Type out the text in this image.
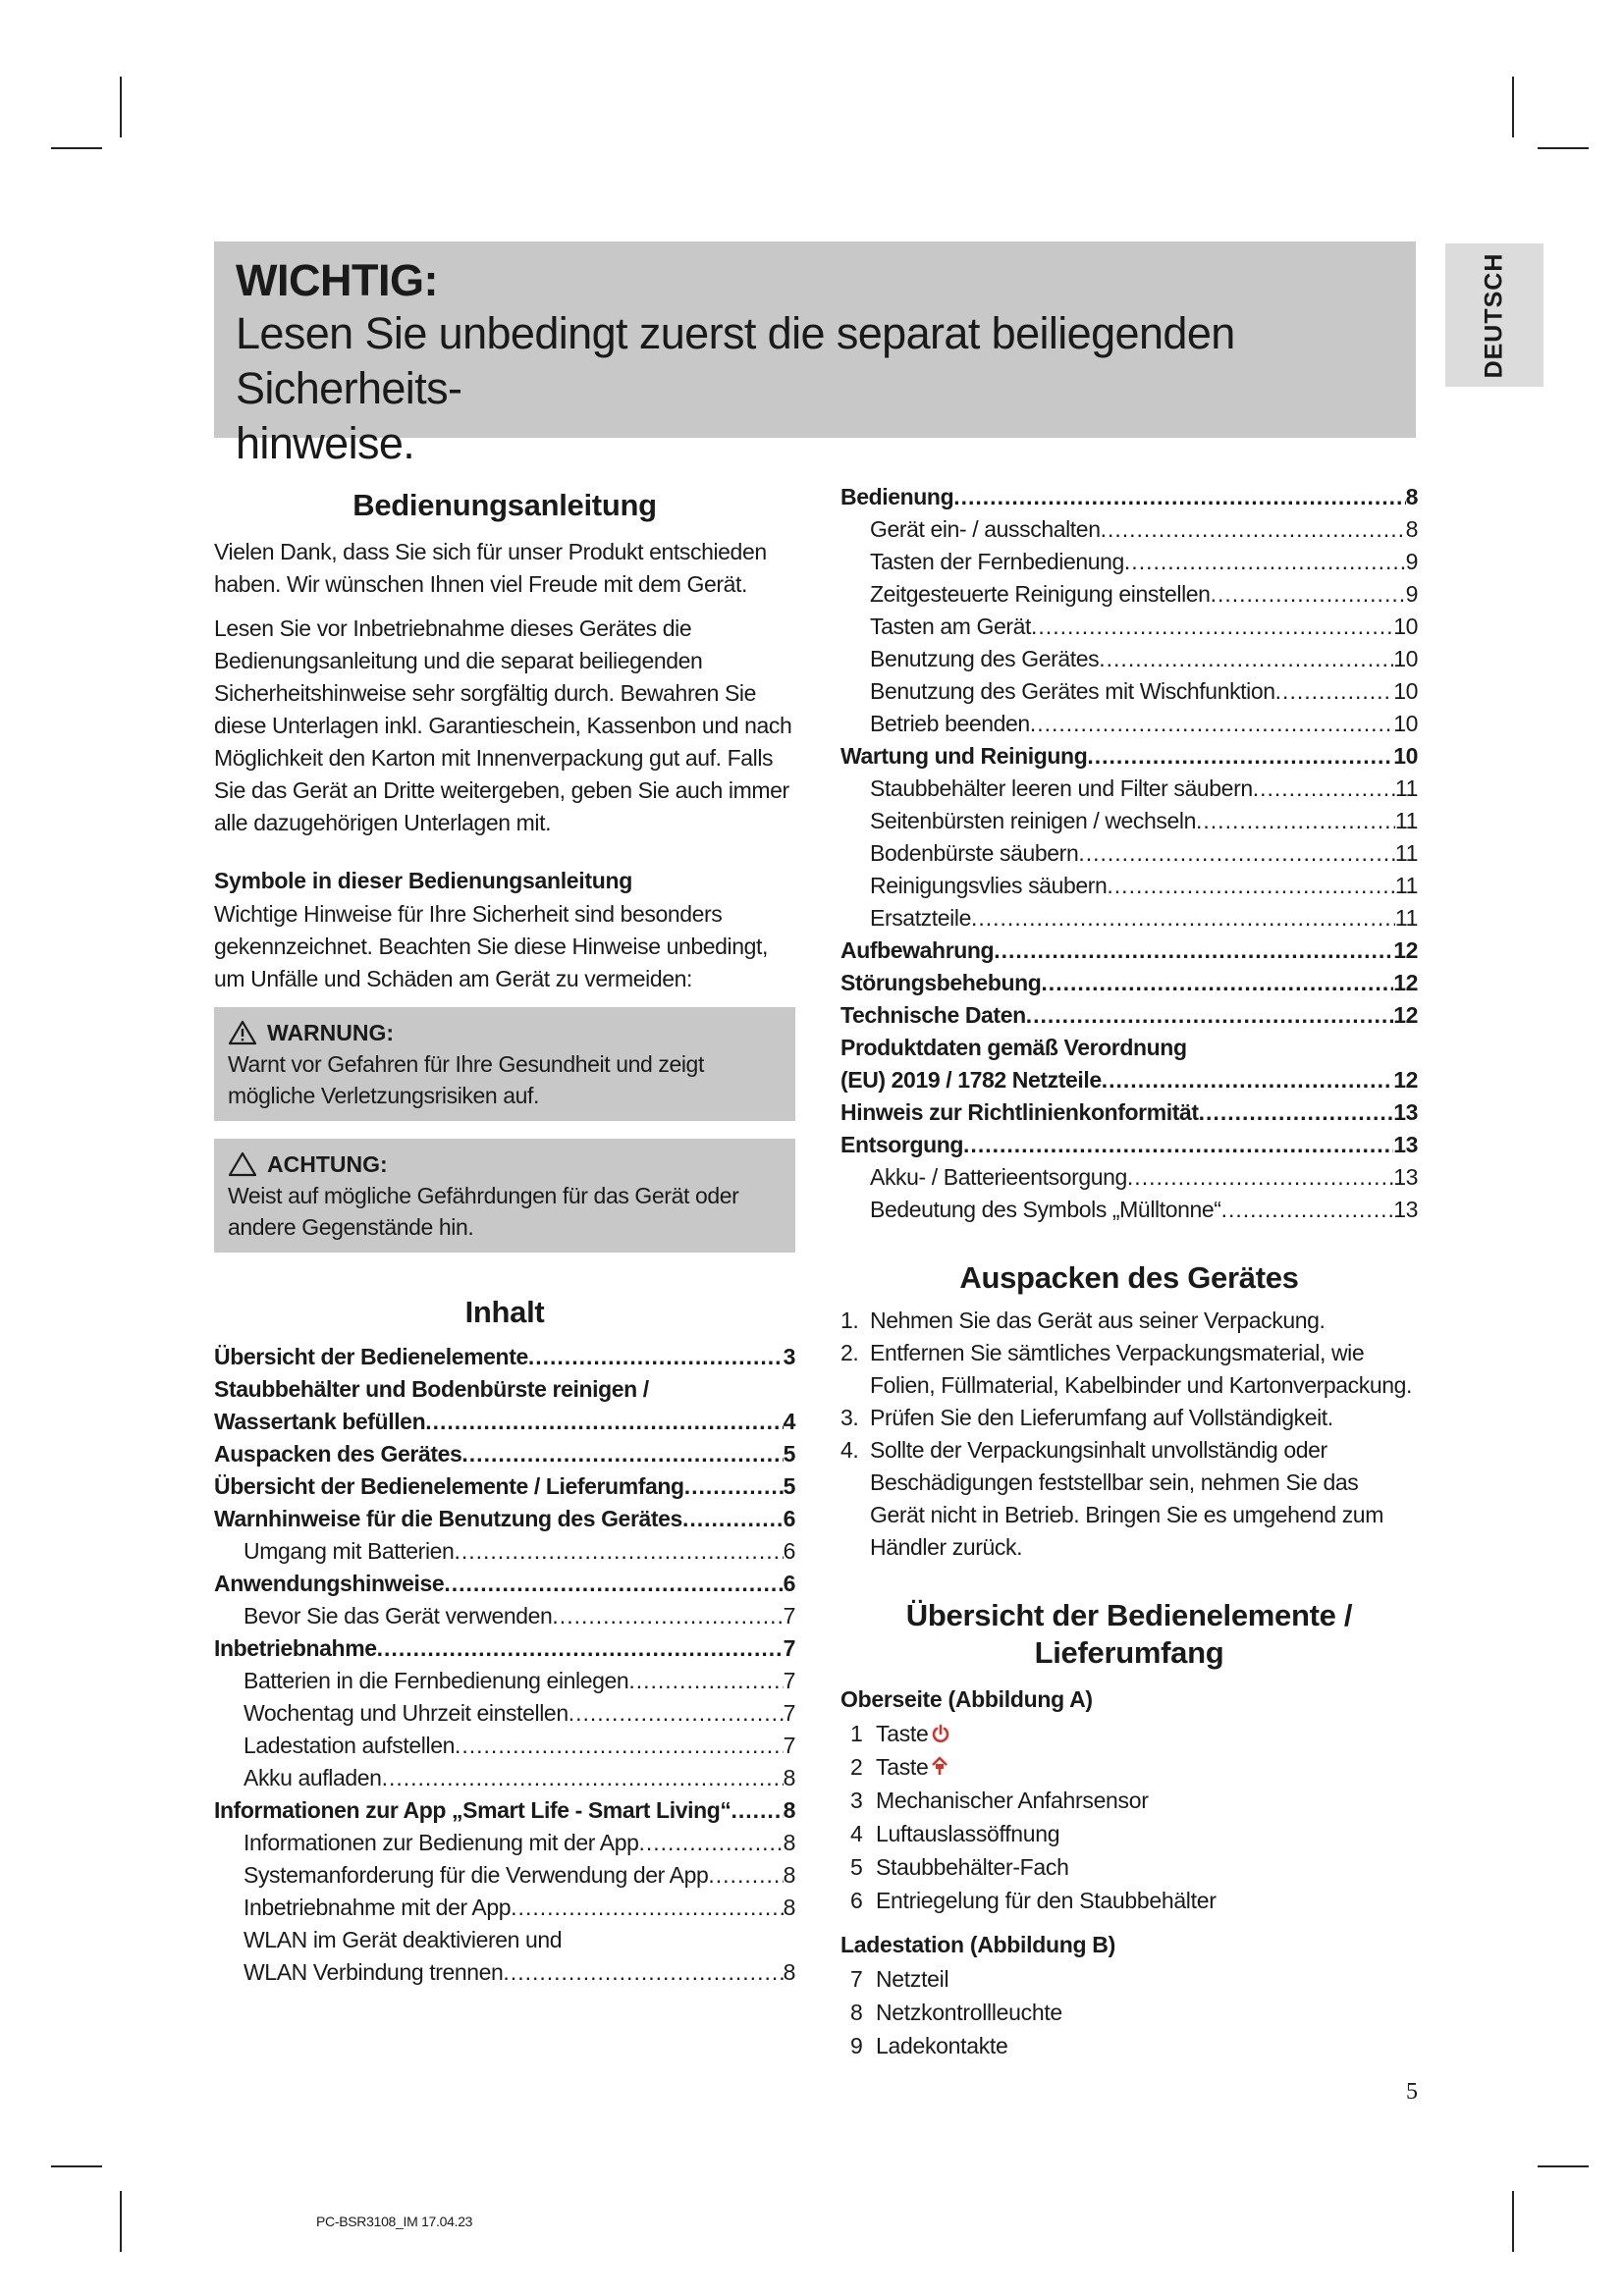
WICHTIG:
Lesen Sie unbedingt zuerst die separat beiliegenden Sicherheits-
hinweise.
DEUTSCH
Bedienungsanleitung

Vielen Dank, dass Sie sich für unser Produkt entschieden haben. Wir wünschen Ihnen viel Freude mit dem Gerät.

Lesen Sie vor Inbetriebnahme dieses Gerätes die Bedienungsanleitung und die separat beiliegenden Sicherheitshinweise sehr sorgfältig durch. Bewahren Sie diese Unterlagen inkl. Garantieschein, Kassenbon und nach Möglichkeit den Karton mit Innenverpackung gut auf. Falls Sie das Gerät an Dritte weitergeben, geben Sie auch immer alle dazugehörigen Unterlagen mit.

Symbole in dieser Bedienungsanleitung

Wichtige Hinweise für Ihre Sicherheit sind besonders gekennzeichnet. Beachten Sie diese Hinweise unbedingt, um Unfälle und Schäden am Gerät zu vermeiden:

WARNUNG:
Warnt vor Gefahren für Ihre Gesundheit und zeigt mögliche Verletzungsrisiken auf.
ACHTUNG:
Weist auf mögliche Gefährdungen für das Gerät oder andere Gegenstände hin.
Inhalt
Übersicht der Bedienelemente .....	3
Staubbehälter und Bodenbürste reinigen /
Wassertank befüllen .....	4
Auspacken des Gerätes .....	5
Übersicht der Bedienelemente / Lieferumfang .....	5
Warnhinweise für die Benutzung des Gerätes .....	6
Umgang mit Batterien .....	6
Anwendungshinweise .....	6
Bevor Sie das Gerät verwenden .....	7
Inbetriebnahme .....	7
Batterien in die Fernbedienung einlegen .....	7
Wochentag und Uhrzeit einstellen .....	7
Ladestation aufstellen .....	7
Akku aufladen .....	8
Informationen zur App „Smart Life - Smart Living“ ..... 8
Informationen zur Bedienung mit der App .....	8
Systemanforderung für die Verwendung der App .....	8
Inbetriebnahme mit der App .....	8
WLAN im Gerät deaktivieren und
WLAN Verbindung trennen .....	8
Bedienung .....	8
Gerät ein- / ausschalten .....	8
Tasten der Fernbedienung .....	9
Zeitgesteuerte Reinigung einstellen .....	9
Tasten am Gerät .....	10
Benutzung des Gerätes .....	10
Benutzung des Gerätes mit Wischfunktion .....	10
Betrieb beenden .....	10
Wartung und Reinigung .....	10
Staubbehälter leeren und Filter säubern .....	11
Seitenbürsten reinigen / wechseln .....	11
Bodenbürste säubern .....	11
Reinigungsvlies säubern .....	11
Ersatzteile .....	11
Aufbewahrung .....	12
Störungsbehebung .....	12
Technische Daten .....	12
Produktdaten gemäß Verordnung
(EU) 2019 / 1782 Netzteile .....	12
Hinweis zur Richtlinienkonformität .....	13
Entsorgung .....	13
Akku- / Batterieentsorgung .....	13
Bedeutung des Symbols „Mülltonne“ .....	13
Auspacken des Gerätes
1. Nehmen Sie das Gerät aus seiner Verpackung.
2. Entfernen Sie sämtliches Verpackungsmaterial, wie Folien, Füllmaterial, Kabelbinder und Kartonverpackung.
3. Prüfen Sie den Lieferumfang auf Vollständigkeit.
4. Sollte der Verpackungsinhalt unvollständig oder Beschädigungen feststellbar sein, nehmen Sie das Gerät nicht in Betrieb. Bringen Sie es umgehend zum Händler zurück.
Übersicht der Bedienelemente /
Lieferumfang
Oberseite (Abbildung A)
1 Taste
2 Taste
3 Mechanischer Anfahrsensor
4 Luftauslassöffnung
5 Staubbehälter-Fach
6 Entriegelung für den Staubbehälter
Ladestation (Abbildung B)
7 Netzteil
8 Netzkontrollleuchte
9 Ladekontakte
5
PC-BSR3108_IM 17.04.23
